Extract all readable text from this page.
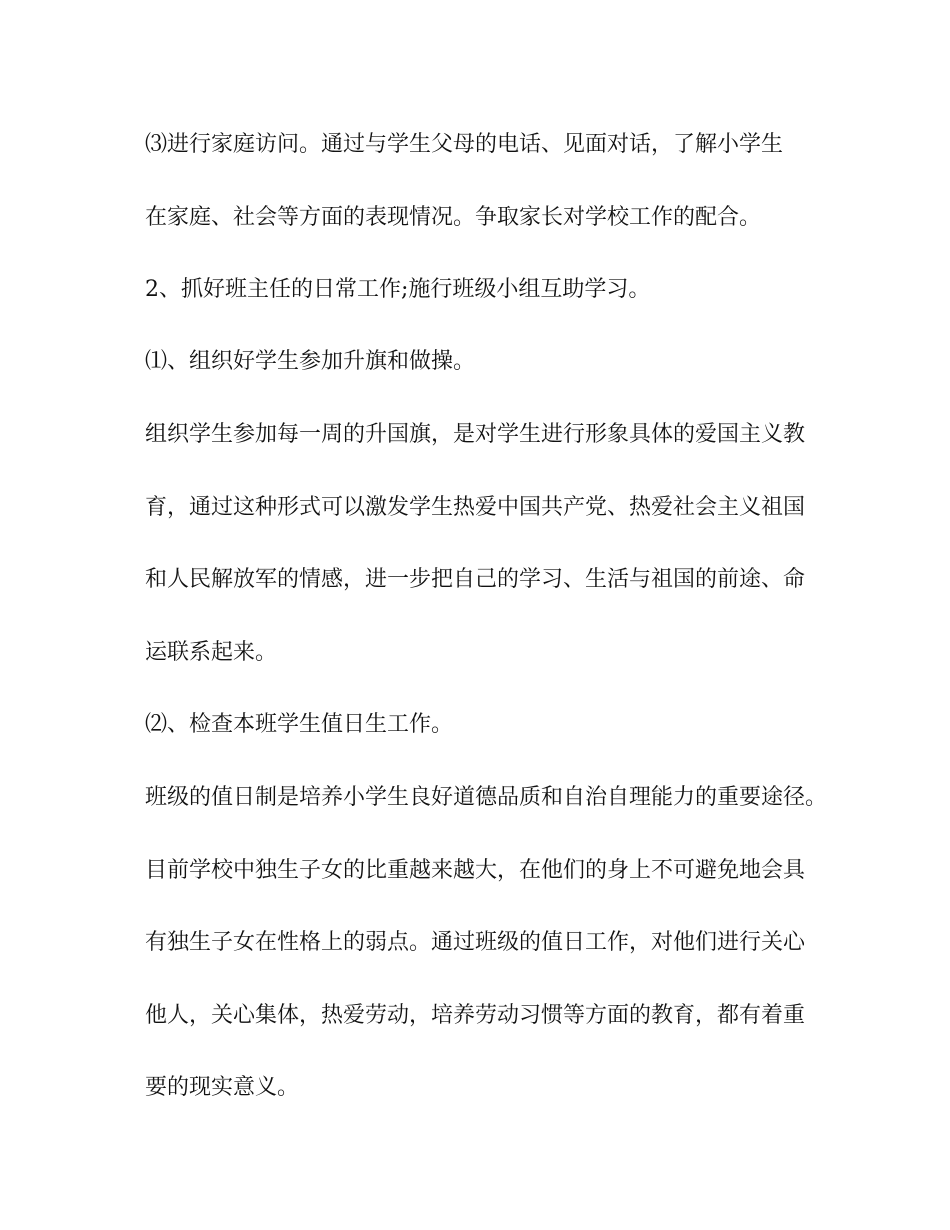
⑶进行家庭访问。通过与学生父母的电话、见面对话，了解小学生
在家庭、社会等方面的表现情况。争取家长对学校工作的配合。
2、抓好班主任的日常工作;施行班级小组互助学习。
⑴、组织好学生参加升旗和做操。
组织学生参加每一周的升国旗，是对学生进行形象具体的爱国主义教
育，通过这种形式可以激发学生热爱中国共产党、热爱社会主义祖国
和人民解放军的情感，进一步把自己的学习、生活与祖国的前途、命
运联系起来。
⑵、检查本班学生值日生工作。
班级的值日制是培养小学生良好道德品质和自治自理能力的重要途径。
目前学校中独生子女的比重越来越大，在他们的身上不可避免地会具
有独生子女在性格上的弱点。通过班级的值日工作，对他们进行关心
他人，关心集体，热爱劳动，培养劳动习惯等方面的教育，都有着重
要的现实意义。
